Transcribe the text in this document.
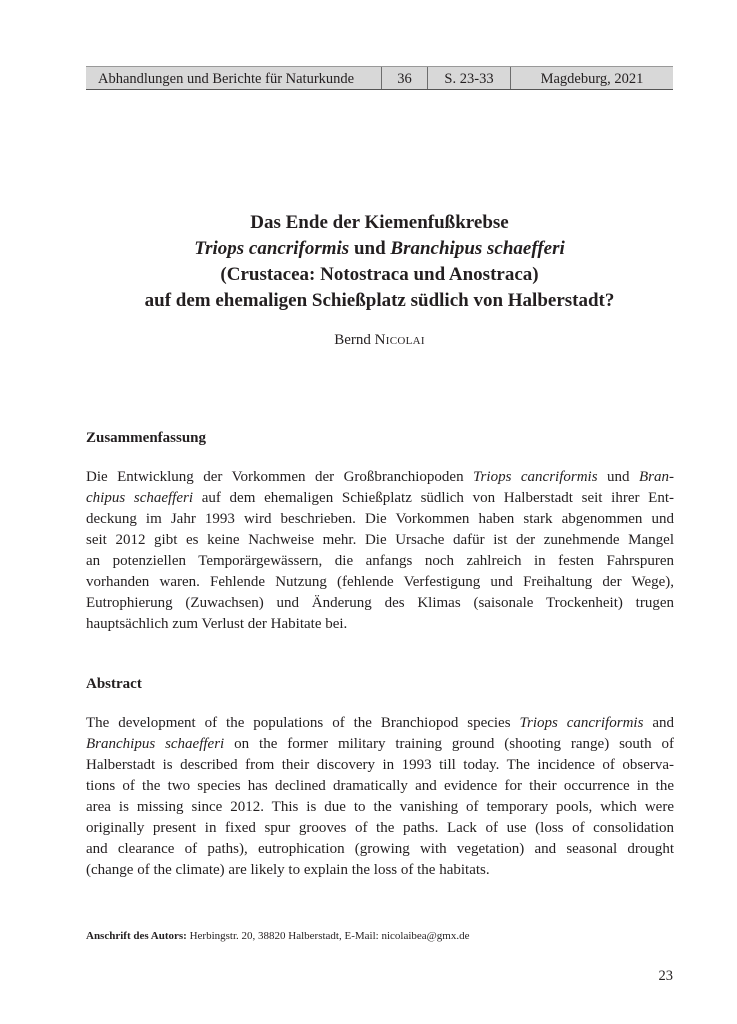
Abhandlungen und Berichte für Naturkunde	36	S. 23-33	Magdeburg, 2021
Das Ende der Kiemenfußkrebse
Triops cancriformis und Branchipus schaefferi
(Crustacea: Notostraca und Anostraca)
auf dem ehemaligen Schießplatz südlich von Halberstadt?
Bernd Nicolai
Zusammenfassung
Die Entwicklung der Vorkommen der Großbranchiopoden Triops cancriformis und Bran-
chipus schaefferi auf dem ehemaligen Schießplatz südlich von Halberstadt seit ihrer Ent-
deckung im Jahr 1993 wird beschrieben. Die Vorkommen haben stark abgenommen und
seit 2012 gibt es keine Nachweise mehr. Die Ursache dafür ist der zunehmende Mangel
an potenziellen Temporärgewässern, die anfangs noch zahlreich in festen Fahrspuren
vorhanden waren. Fehlende Nutzung (fehlende Verfestigung und Freihaltung der Wege),
Eutrophierung (Zuwachsen) und Änderung des Klimas (saisonale Trockenheit) trugen
hauptsächlich zum Verlust der Habitate bei.
Abstract
The development of the populations of the Branchiopod species Triops cancriformis and
Branchipus schaefferi on the former military training ground (shooting range) south of
Halberstadt is described from their discovery in 1993 till today. The incidence of observa-
tions of the two species has declined dramatically and evidence for their occurrence in the
area is missing since 2012. This is due to the vanishing of temporary pools, which were
originally present in fixed spur grooves of the paths. Lack of use (loss of consolidation
and clearance of paths), eutrophication (growing with vegetation) and seasonal drought
(change of the climate) are likely to explain the loss of the habitats.
Anschrift des Autors: Herbingstr. 20, 38820 Halberstadt, E-Mail: nicolaibea@gmx.de
23
